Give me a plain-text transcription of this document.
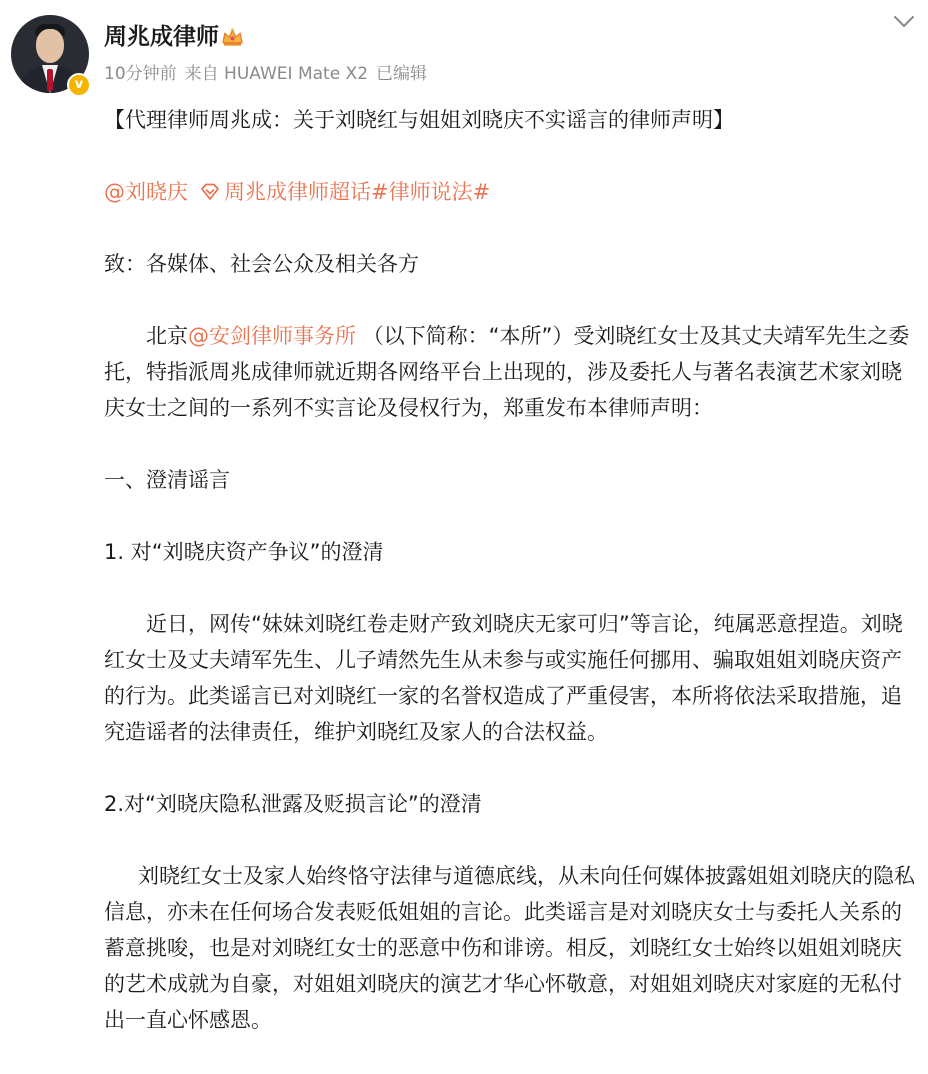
v
周兆成律师
10分钟前 来自 HUAWEI Mate X2 已编辑

【代理律师周兆成：关于刘晓红与姐姐刘晓庆不实谣言的律师声明】

@刘晓庆 周兆成律师超话#律师说法#

致：各媒体、社会公众及相关各方

北京@安剑律师事务所 （以下简称：“本所”）受刘晓红女士及其丈夫靖军先生之委托，特指派周兆成律师就近期各网络平台上出现的，涉及委托人与著名表演艺术家刘晓庆女士之间的一系列不实言论及侵权行为，郑重发布本律师声明：

一、澄清谣言

1. 对“刘晓庆资产争议”的澄清

近日，网传“妹妹刘晓红卷走财产致刘晓庆无家可归”等言论，纯属恶意捏造。刘晓红女士及丈夫靖军先生、儿子靖然先生从未参与或实施任何挪用、骗取姐姐刘晓庆资产的行为。此类谣言已对刘晓红一家的名誉权造成了严重侵害，本所将依法采取措施，追究造谣者的法律责任，维护刘晓红及家人的合法权益。

2.对“刘晓庆隐私泄露及贬损言论”的澄清

刘晓红女士及家人始终恪守法律与道德底线，从未向任何媒体披露姐姐刘晓庆的隐私信息，亦未在任何场合发表贬低姐姐的言论。此类谣言是对刘晓庆女士与委托人关系的蓄意挑唆，也是对刘晓红女士的恶意中伤和诽谤。相反，刘晓红女士始终以姐姐刘晓庆的艺术成就为自豪，对姐姐刘晓庆的演艺才华心怀敬意，对姐姐刘晓庆对家庭的无私付出一直心怀感恩。
